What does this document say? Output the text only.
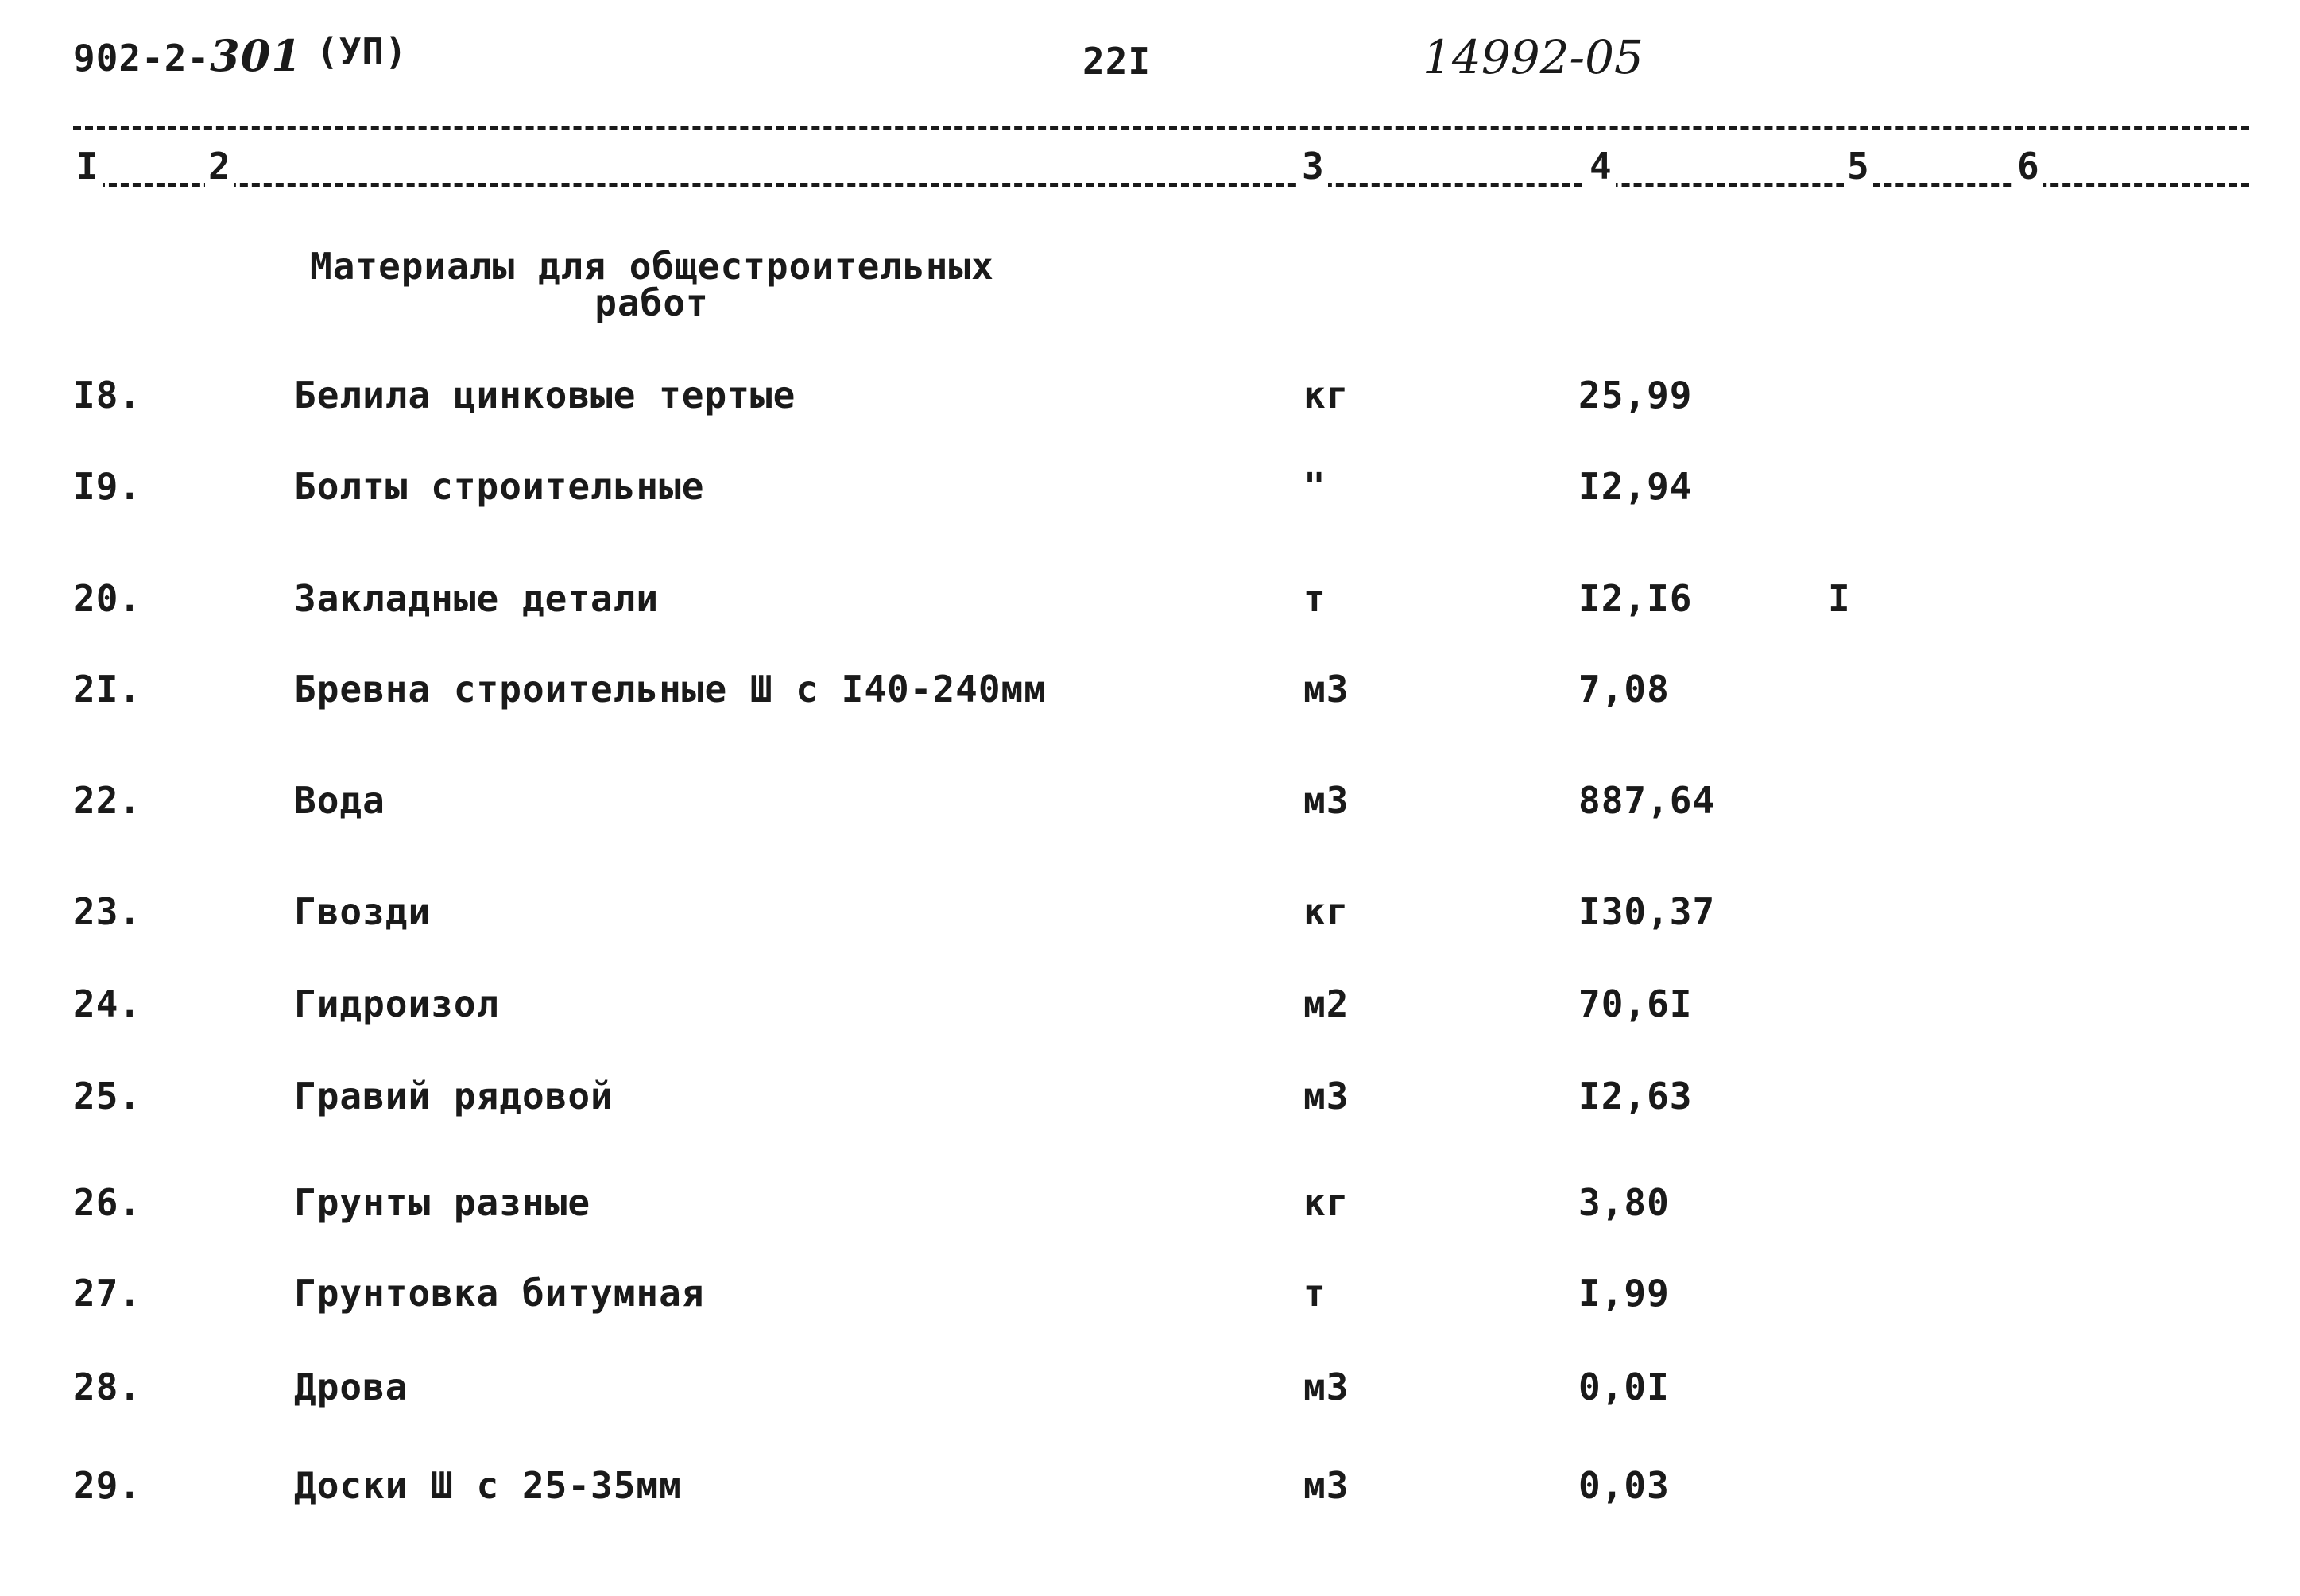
902-2-301 (УП)	22I	14992-05
I	2	3	4	5	6
Материалы для общестроительных
работ
I8.	Белила цинковые тертые	кг	25,99
I9.	Болты строительные	"	I2,94
20.	Закладные детали	т	I2,I6	I
2I.	Бревна строительные Ш с I40-240мм	м3	7,08
22.	Вода	м3	887,64
23.	Гвозди	кг	I30,37
24.	Гидроизол	м2	70,6I
25.	Гравий рядовой	м3	I2,63
26.	Грунты разные	кг	3,80
27.	Грунтовка битумная	т	I,99
28.	Дрова	м3	0,0I
29.	Доски Ш с 25-35мм	м3	0,03
